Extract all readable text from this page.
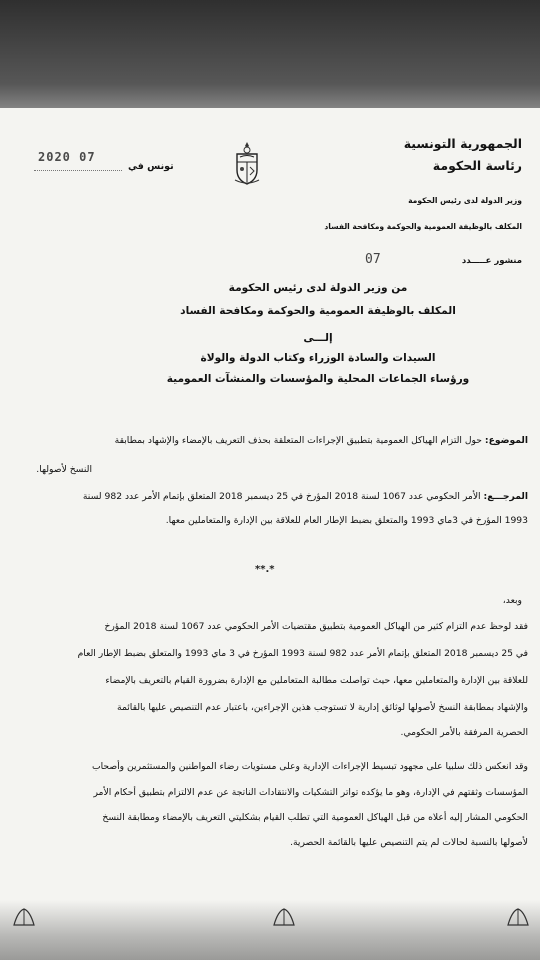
الجمهورية التونسية
رئاسة الحكومة
وزير الدولة لدى رئيس الحكومة
المكلف بالوظيفة العمومية والحوكمة ومكافحة الفساد
منشور عـــــدد
07
تونس في
2020 07
من وزير الدولة لدى رئيس الحكومة
المكلف بالوظيفة العمومية والحوكمة ومكافحة الفساد
إلـــى
السيدات والسادة الوزراء وكتاب الدولة والولاة
ورؤساء الجماعات المحلية والمؤسسات والمنشآت العمومية
الموضوع: حول التزام الهياكل العمومية بتطبيق الإجراءات المتعلقة بحذف التعريف بالإمضاء والإشهاد بمطابقة
النسخ لأصولها.
المرجـــع: الأمر الحكومي عدد 1067 لسنة 2018 المؤرخ في 25 ديسمبر 2018 المتعلق بإتمام الأمر عدد 982 لسنة
1993 المؤرخ في 3ماي 1993 والمتعلق بضبط الإطار العام للعلاقة بين الإدارة والمتعاملين معها.
**.*
وبعد،
فقد لوحظ عدم التزام كثير من الهياكل العمومية بتطبيق مقتضيات الأمر الحكومي عدد 1067 لسنة 2018 المؤرخ
في 25 ديسمبر 2018 المتعلق بإتمام الأمر عدد 982 لسنة 1993 المؤرخ في 3 ماي 1993 والمتعلق بضبط الإطار العام
للعلاقة بين الإدارة والمتعاملين معها، حيث تواصلت مطالبة المتعاملين مع الإدارة بضرورة القيام بالتعريف بالإمضاء
والإشهاد بمطابقة النسخ لأصولها لوثائق إدارية لا تستوجب هذين الإجراءين، باعتبار عدم التنصيص عليها بالقائمة
الحصرية المرفقة بالأمر الحكومي.
وقد انعكس ذلك سلبيا على مجهود تبسيط الإجراءات الإدارية وعلى مستويات رضاء المواطنين والمستثمرين وأصحاب
المؤسسات وثقتهم في الإدارة، وهو ما يؤكده تواتر التشكيات والانتقادات الناتجة عن عدم الالتزام بتطبيق أحكام الأمر
الحكومي المشار إليه أعلاه من قبل الهياكل العمومية التي تطلب القيام بشكليتي التعريف بالإمضاء ومطابقة النسخ
لأصولها بالنسبة لحالات لم يتم التنصيص عليها بالقائمة الحصرية.
